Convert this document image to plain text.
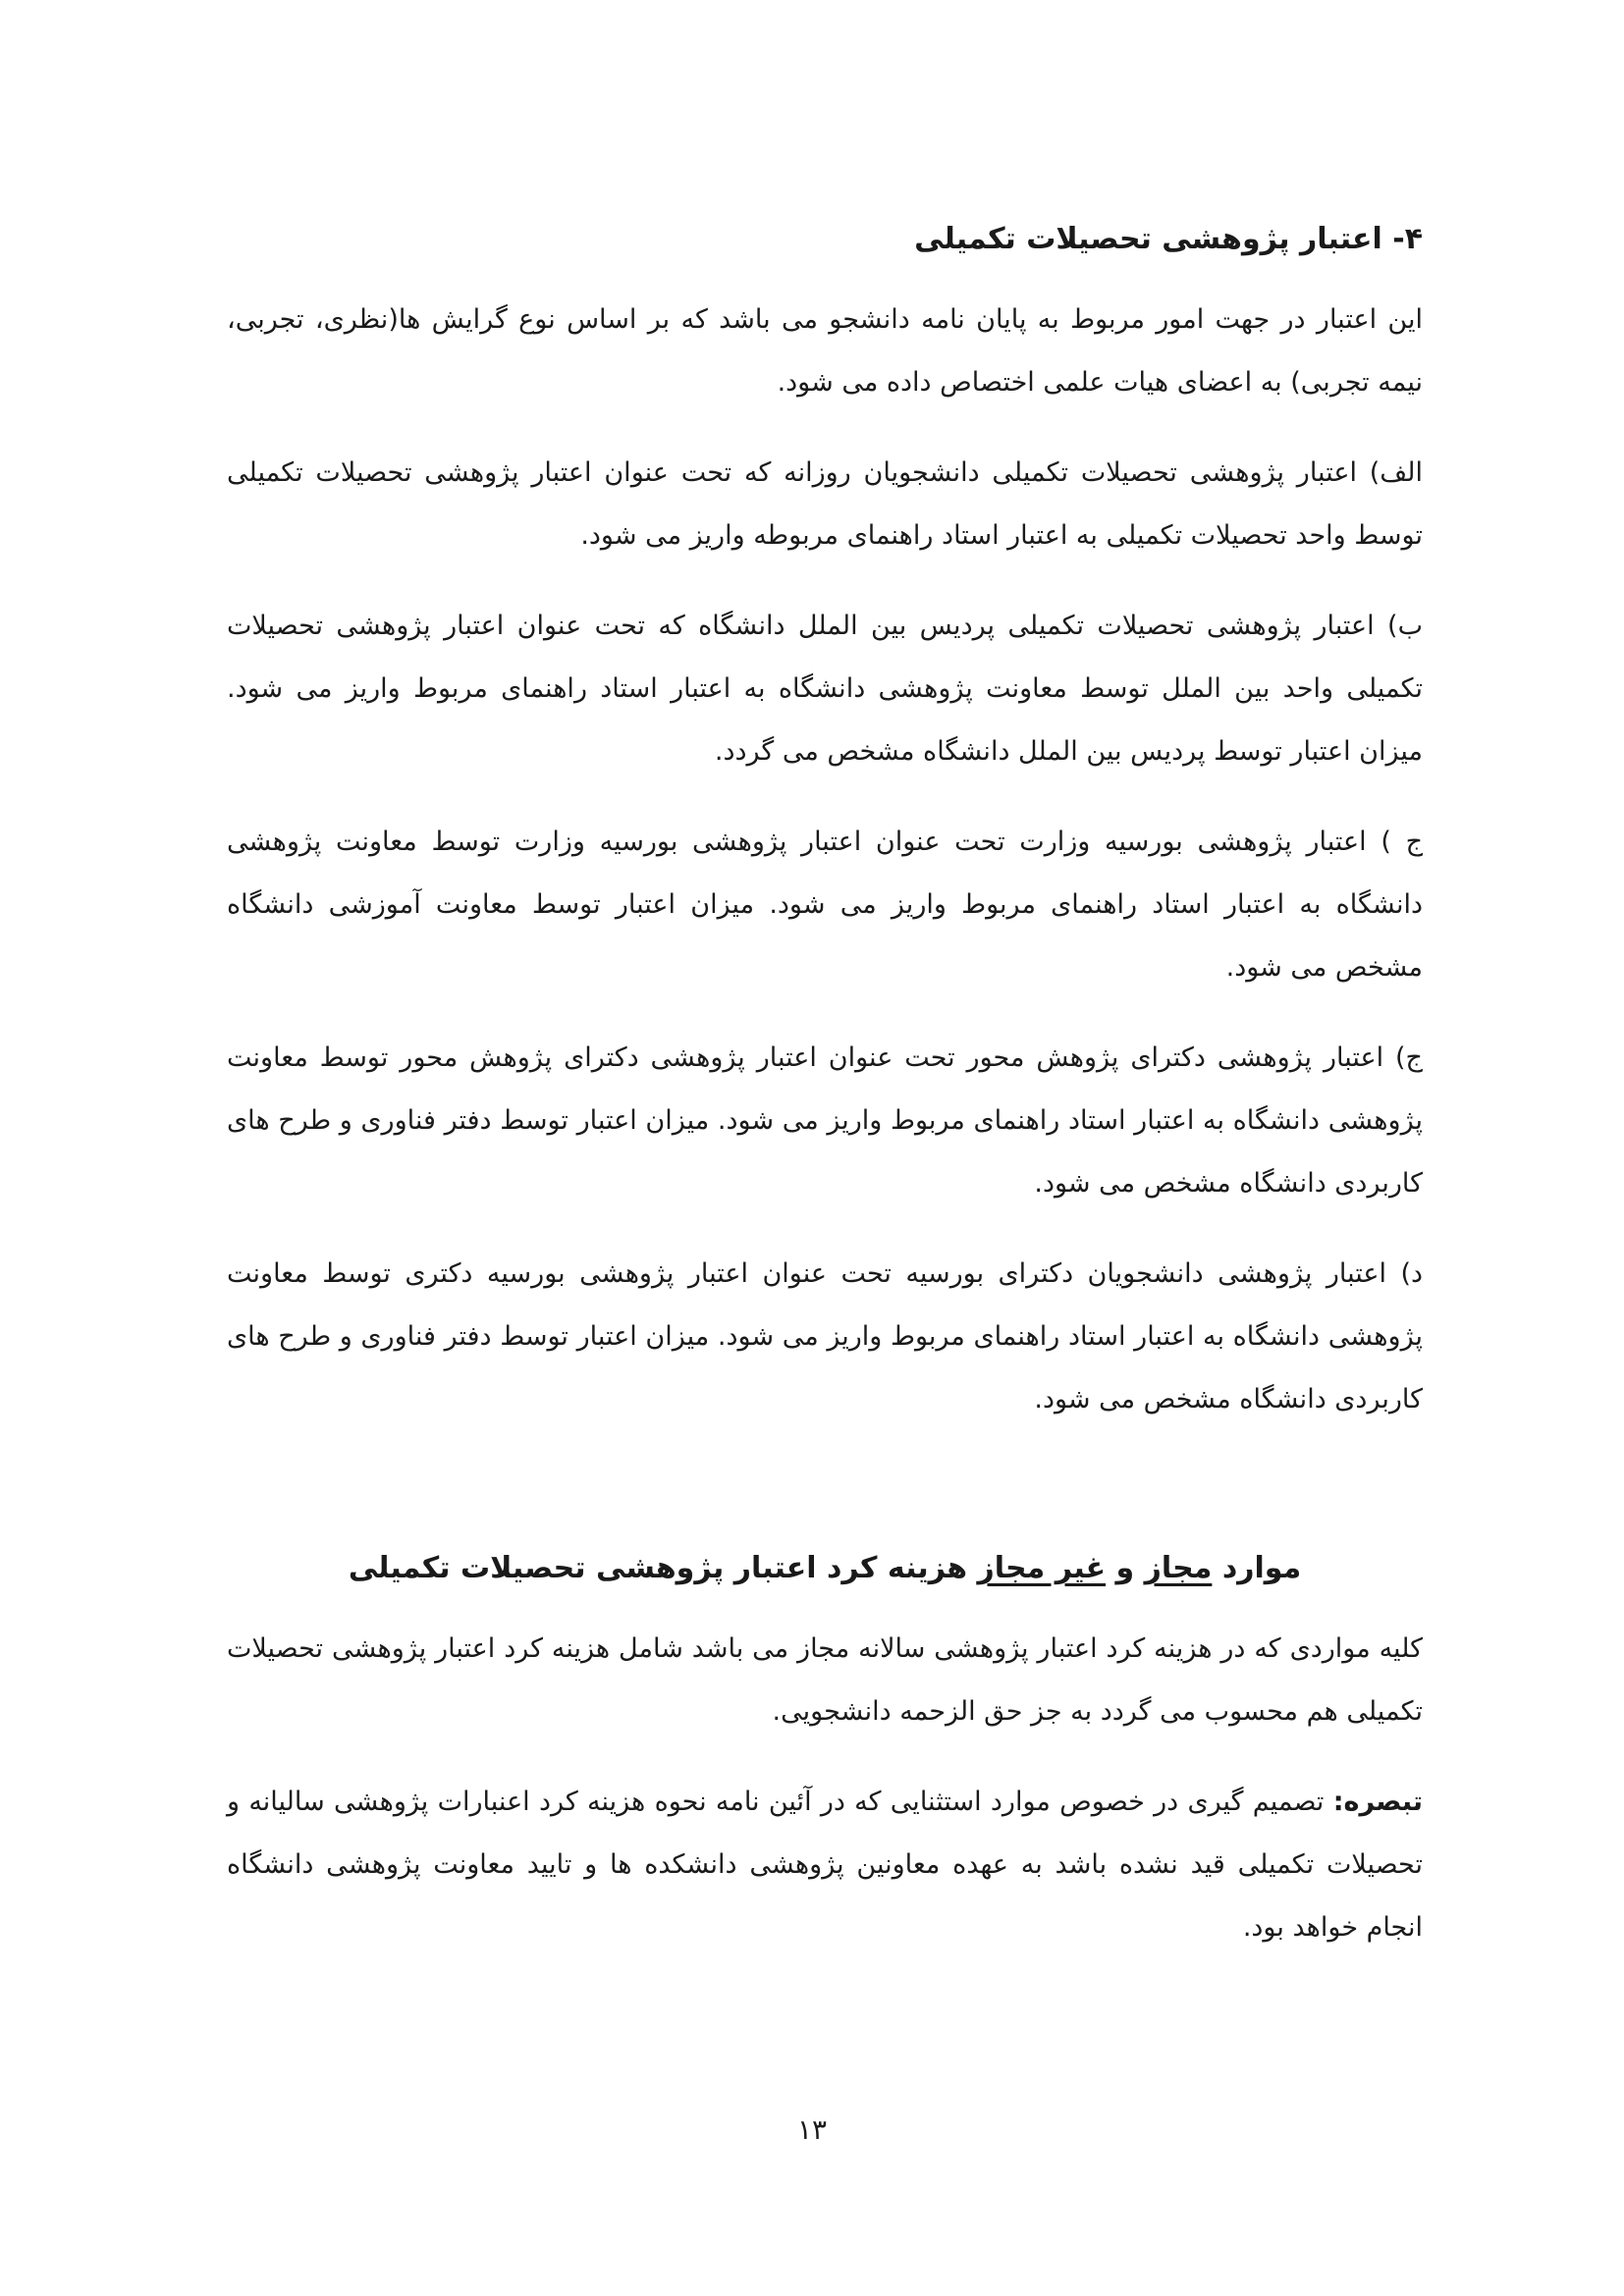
۴- اعتبار پژوهشی تحصیلات تکمیلی

این اعتبار در جهت امور مربوط به پایان نامه دانشجو می باشد که بر اساس نوع گرایش ها(نظری، تجربی، نیمه تجربی) به اعضای هیات علمی اختصاص داده می شود.

الف) اعتبار پژوهشی تحصیلات تکمیلی دانشجویان روزانه که تحت عنوان اعتبار پژوهشی تحصیلات تکمیلی توسط واحد تحصیلات تکمیلی به اعتبار استاد راهنمای مربوطه واریز می شود.

ب) اعتبار پژوهشی تحصیلات تکمیلی پردیس بین الملل دانشگاه که تحت عنوان اعتبار پژوهشی تحصیلات تکمیلی واحد بین الملل توسط معاونت پژوهشی دانشگاه به اعتبار استاد راهنمای مربوط واریز می شود. میزان اعتبار توسط پردیس بین الملل دانشگاه مشخص می گردد.

ج ) اعتبار پژوهشی بورسیه وزارت تحت عنوان اعتبار پژوهشی بورسیه وزارت توسط معاونت پژوهشی دانشگاه به اعتبار استاد راهنمای مربوط واریز می شود. میزان اعتبار توسط معاونت آموزشی دانشگاه مشخص می شود.

ج) اعتبار پژوهشی دکترای پژوهش محور تحت عنوان اعتبار پژوهشی دکترای پژوهش محور توسط معاونت پژوهشی دانشگاه به اعتبار استاد راهنمای مربوط واریز می شود. میزان اعتبار توسط دفتر فناوری و طرح های کاربردی دانشگاه مشخص می شود.

د) اعتبار پژوهشی دانشجویان دکترای بورسیه تحت عنوان اعتبار پژوهشی بورسیه دکتری توسط معاونت پژوهشی دانشگاه به اعتبار استاد راهنمای مربوط واریز می شود. میزان اعتبار توسط دفتر فناوری و طرح های کاربردی دانشگاه مشخص می شود.

موارد مجاز و غیر مجاز هزینه کرد اعتبار پژوهشی تحصیلات تکمیلی

کلیه مواردی که در هزینه کرد اعتبار پژوهشی سالانه مجاز می باشد شامل هزینه کرد اعتبار پژوهشی تحصیلات تکمیلی هم محسوب می گردد به جز حق الزحمه دانشجویی.

تبصره: تصمیم گیری در خصوص موارد استثنایی که در آئین نامه نحوه هزینه کرد اعنبارات پژوهشی سالیانه و تحصیلات تکمیلی قید نشده باشد به عهده معاونین پژوهشی دانشکده ها و تایید معاونت پژوهشی دانشگاه انجام خواهد بود.

۱۳
